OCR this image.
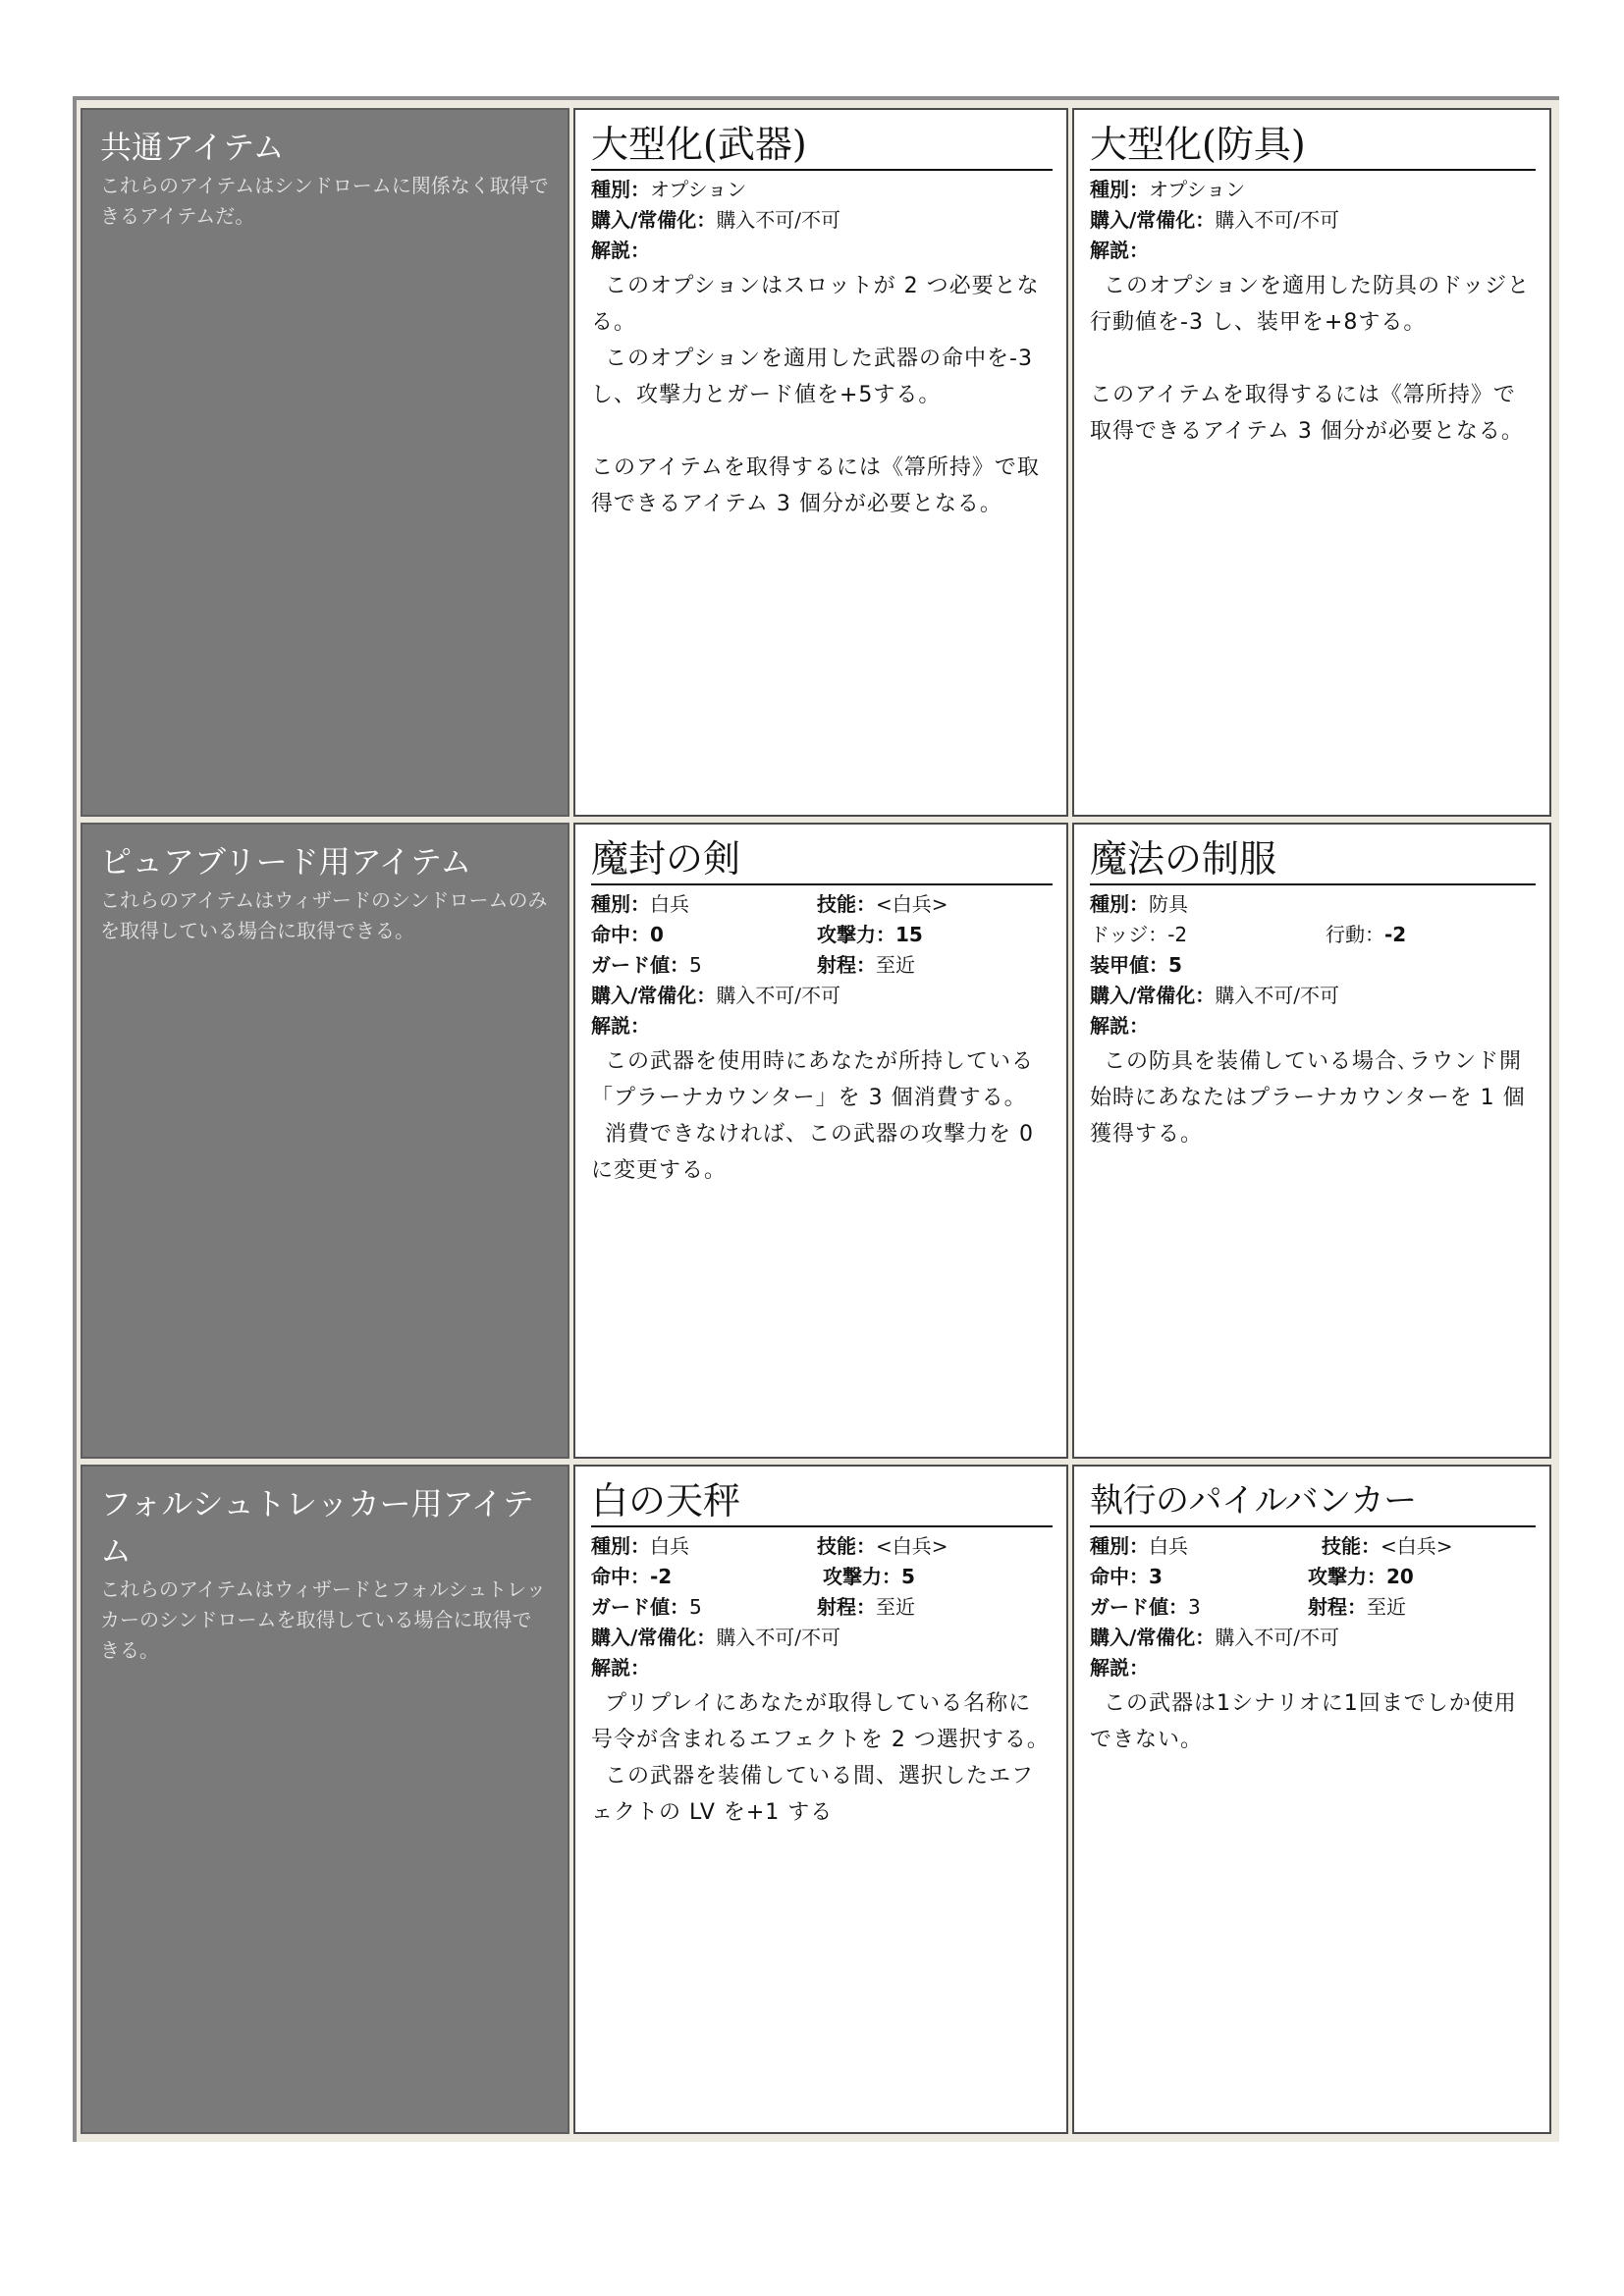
共通アイテム
これらのアイテムはシンドロームに関係なく取得できるアイテムだ。
大型化(武器)
種別：オプション
購入/常備化：購入不可/不可
解説：

このオプションはスロットが 2 つ必要となる。

このオプションを適用した武器の命中を-3 し、攻撃力とガード値を+5する。

このアイテムを取得するには《箒所持》で取得できるアイテム 3 個分が必要となる。

大型化(防具)
種別：オプション
購入/常備化：購入不可/不可
解説：

このオプションを適用した防具のドッジと行動値を-3 し、装甲を+8する。

このアイテムを取得するには《箒所持》で取得できるアイテム 3 個分が必要となる。

ピュアブリード用アイテム
これらのアイテムはウィザードのシンドロームのみを取得している場合に取得できる。
魔封の剣
種別：白兵	技能：<白兵>
命中：0	攻撃力：15
ガード値：5	射程：至近
購入/常備化：購入不可/不可
解説：

この武器を使用時にあなたが所持している「プラーナカウンター」を 3 個消費する。

消費できなければ、この武器の攻撃力を 0 に変更する。

魔法の制服
種別：防具
ドッジ：-2	行動：-2
装甲値：5
購入/常備化：購入不可/不可
解説：

この防具を装備している場合､ラウンド開始時にあなたはプラーナカウンターを 1 個獲得する。

フォルシュトレッカー用アイテム
これらのアイテムはウィザードとフォルシュトレッカーのシンドロームを取得している場合に取得できる。
白の天秤
種別：白兵	技能：<白兵>
命中：-2	攻撃力：5
ガード値：5	射程：至近
購入/常備化：購入不可/不可
解説：

プリプレイにあなたが取得している名称に号令が含まれるエフェクトを 2 つ選択する。

この武器を装備している間、選択したエフェクトの LV を+1 する

執行のパイルバンカー
種別：白兵	技能：<白兵>
命中：3	攻撃力：20
ガード値：3	射程：至近
購入/常備化：購入不可/不可
解説：

この武器は1シナリオに1回までしか使用できない。
